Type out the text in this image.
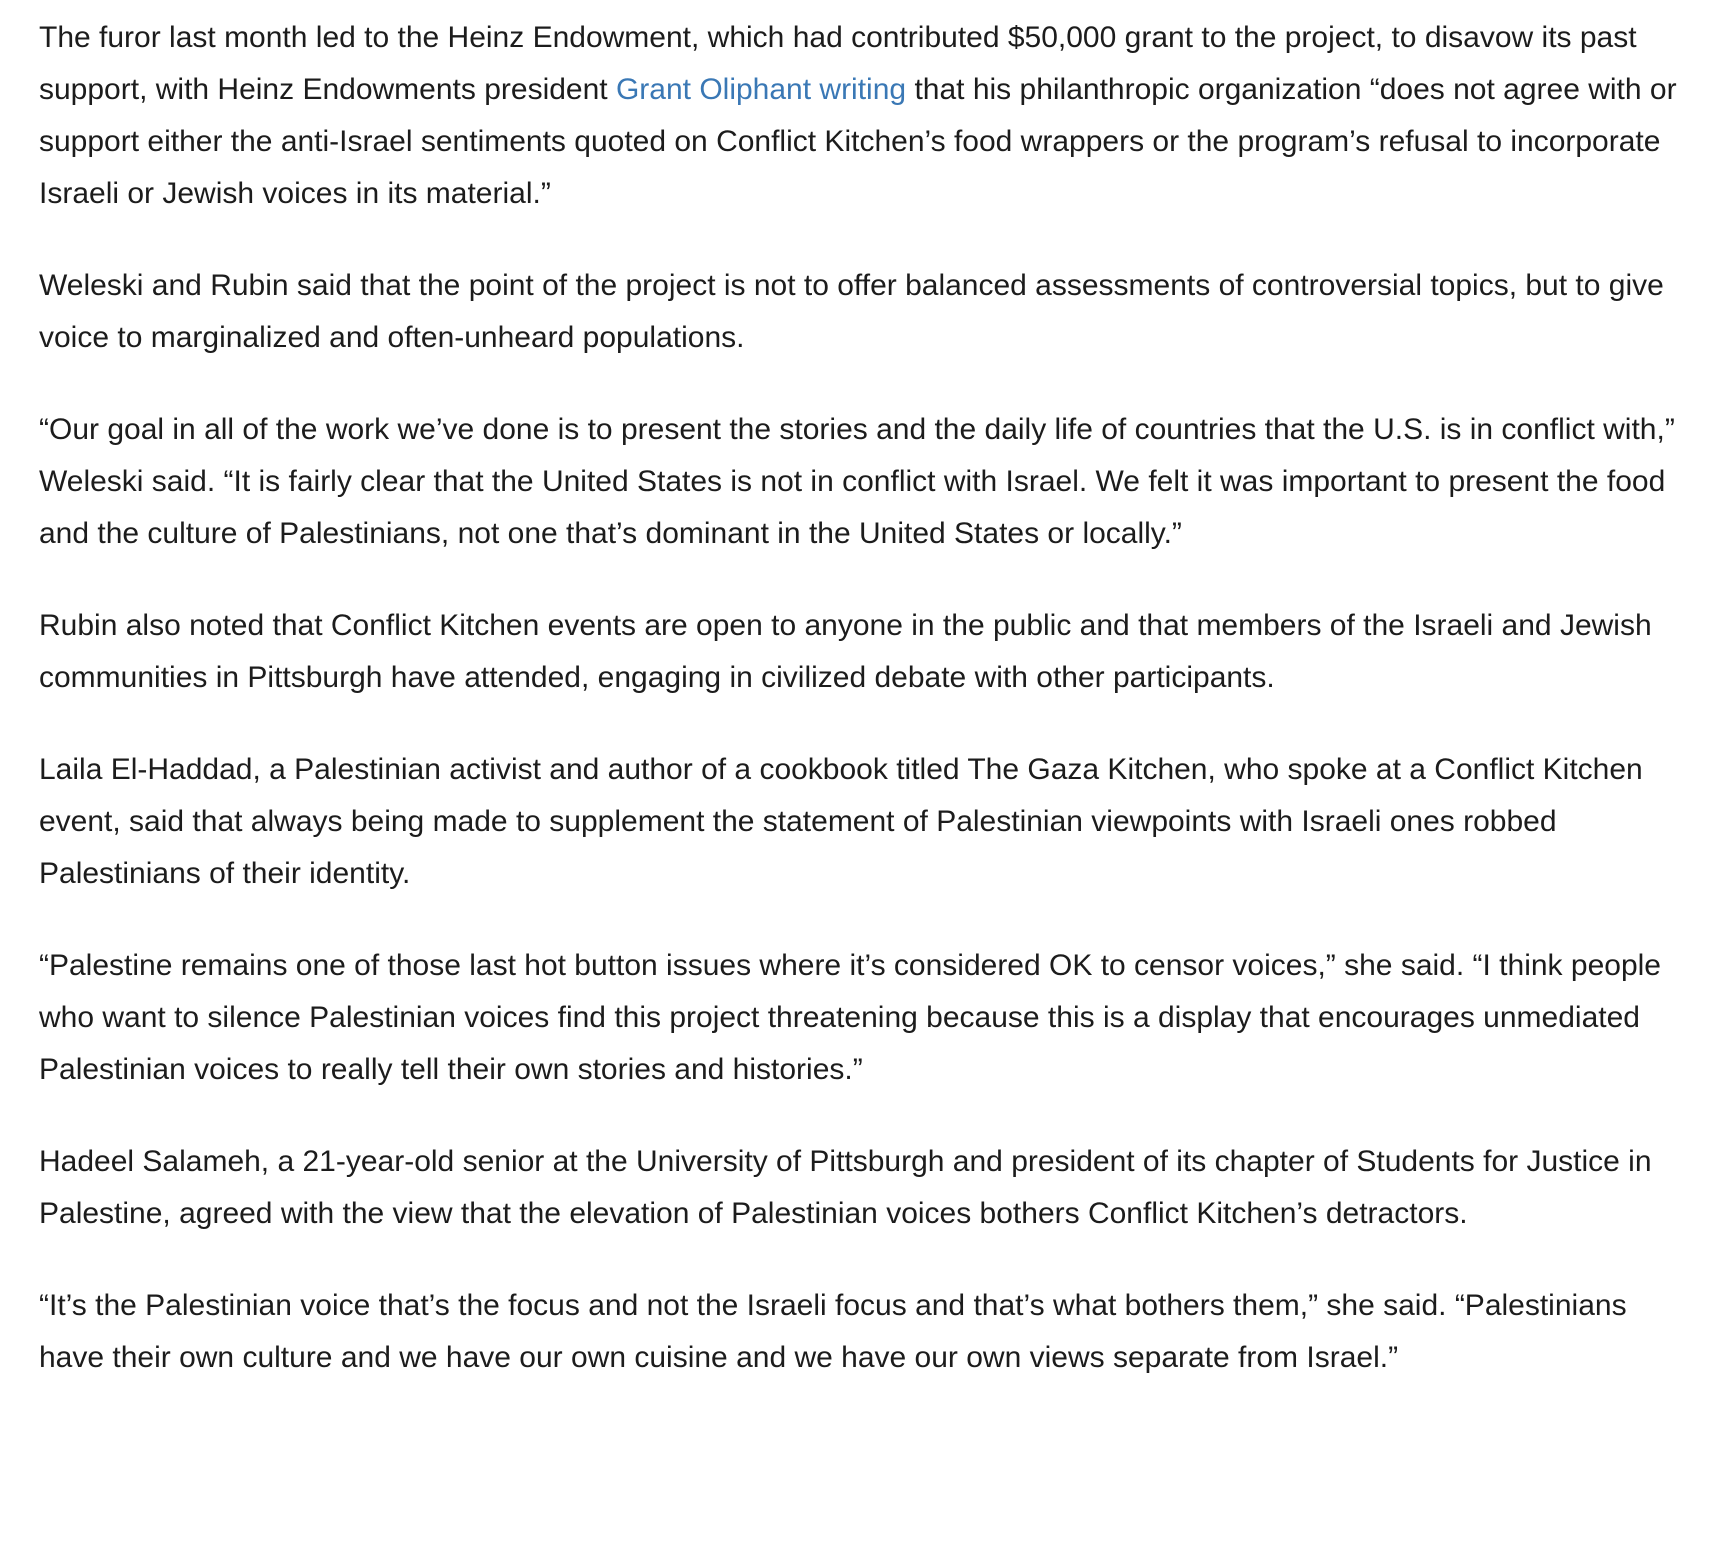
The furor last month led to the Heinz Endowment, which had contributed $50,000 grant to the project, to disavow its past support, with Heinz Endowments president Grant Oliphant writing that his philanthropic organization “does not agree with or support either the anti-Israel sentiments quoted on Conflict Kitchen’s food wrappers or the program’s refusal to incorporate Israeli or Jewish voices in its material.”

Weleski and Rubin said that the point of the project is not to offer balanced assessments of controversial topics, but to give voice to marginalized and often-unheard populations.

“Our goal in all of the work we’ve done is to present the stories and the daily life of countries that the U.S. is in conflict with,” Weleski said. “It is fairly clear that the United States is not in conflict with Israel. We felt it was important to present the food and the culture of Palestinians, not one that’s dominant in the United States or locally.”

Rubin also noted that Conflict Kitchen events are open to anyone in the public and that members of the Israeli and Jewish communities in Pittsburgh have attended, engaging in civilized debate with other participants.

Laila El-Haddad, a Palestinian activist and author of a cookbook titled The Gaza Kitchen, who spoke at a Conflict Kitchen event, said that always being made to supplement the statement of Palestinian viewpoints with Israeli ones robbed Palestinians of their identity.

“Palestine remains one of those last hot button issues where it’s considered OK to censor voices,” she said. “I think people who want to silence Palestinian voices find this project threatening because this is a display that encourages unmediated Palestinian voices to really tell their own stories and histories.”

Hadeel Salameh, a 21-year-old senior at the University of Pittsburgh and president of its chapter of Students for Justice in Palestine, agreed with the view that the elevation of Palestinian voices bothers Conflict Kitchen’s detractors.

“It’s the Palestinian voice that’s the focus and not the Israeli focus and that’s what bothers them,” she said. “Palestinians have their own culture and we have our own cuisine and we have our own views separate from Israel.”
